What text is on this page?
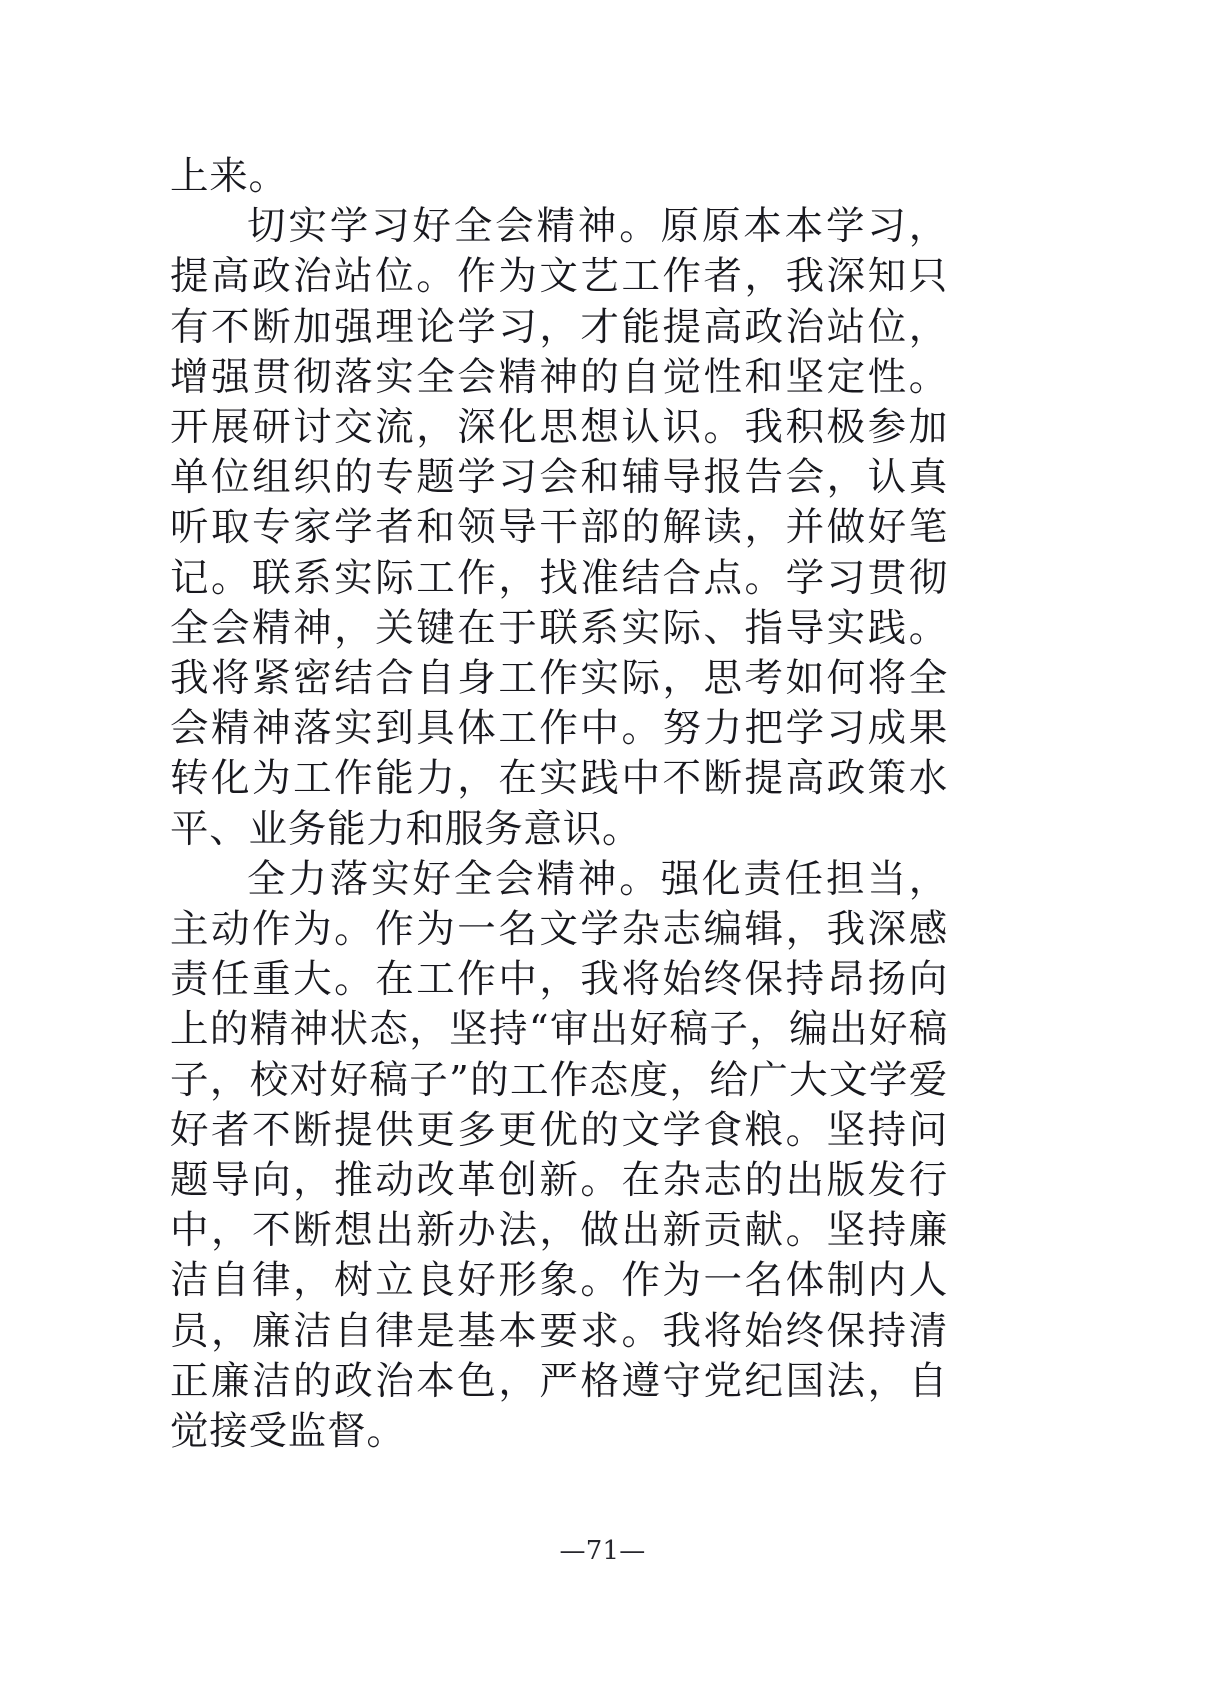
上来。

切实学习好全会精神。原原本本学习，提高政治站位。作为文艺工作者，我深知只有不断加强理论学习，才能提高政治站位，增强贯彻落实全会精神的自觉性和坚定性。开展研讨交流，深化思想认识。我积极参加单位组织的专题学习会和辅导报告会，认真听取专家学者和领导干部的解读，并做好笔记。联系实际工作，找准结合点。学习贯彻全会精神，关键在于联系实际、指导实践。我将紧密结合自身工作实际，思考如何将全会精神落实到具体工作中。努力把学习成果转化为工作能力，在实践中不断提高政策水平、业务能力和服务意识。

全力落实好全会精神。强化责任担当，主动作为。作为一名文学杂志编辑，我深感责任重大。在工作中，我将始终保持昂扬向上的精神状态，坚持“审出好稿子，编出好稿子，校对好稿子”的工作态度，给广大文学爱好者不断提供更多更优的文学食粮。坚持问题导向，推动改革创新。在杂志的出版发行中，不断想出新办法，做出新贡献。坚持廉洁自律，树立良好形象。作为一名体制内人员，廉洁自律是基本要求。我将始终保持清正廉洁的政治本色，严格遵守党纪国法，自觉接受监督。

—71—
